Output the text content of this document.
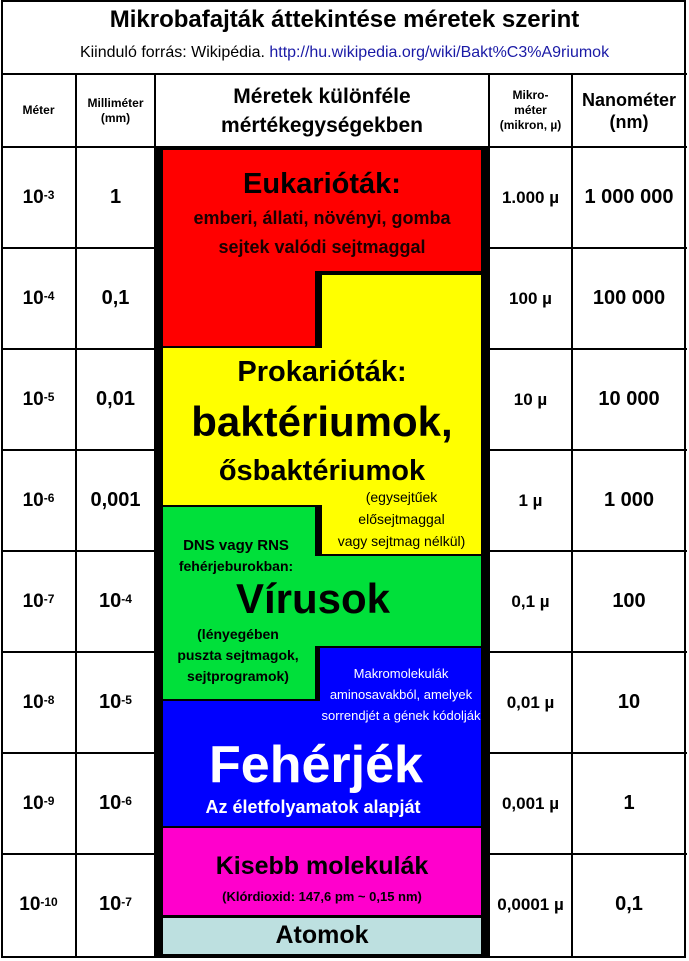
Mikrobafajták áttekintése méretek szerint
Kiinduló forrás: Wikipédia. http://hu.wikipedia.org/wiki/Bakt%C3%A9riumok
Méter
Milliméter
(mm)
Méretek különféle
mértékegységekben
Mikro-
méter
(mikron, µ)
Nanométer
(nm)
$10^{-3}$	1	1.000 µ 1 000 000
$10^{-4}$ 0,1	100 µ 100 000
$10^{-5}$ 0,01	10 µ	10 000
$10^{-6}$ 0,001	1 µ	1 000
$10^{-7}$ $10^{-4}$	0,1 µ	100
$10^{-8}$ $10^{-5}$	0,01 µ	10
$10^{-9}$ $10^{-6}$	0,001 µ	1
$10^{-10}$ $10^{-7}$	0,0001 µ	0,1
Eukarióták:
emberi, állati, növényi, gomba
sejtek valódi sejtmaggal
Prokarióták:
baktériumok,
ősbaktériumok
(egysejtűek
elősejtmaggal
vagy sejtmag nélkül)
DNS vagy RNS
fehérjeburokban:
Vírusok
(lényegében
puszta sejtmagok,
sejtprogramok)	Makromolekulák
aminosavakból, amelyek
sorrendjét a gének kódolják
Fehérjék
Az életfolyamatok alapját
Kisebb molekulák
(Klórdioxid: 147,6 pm ~ 0,15 nm)
Atomok
